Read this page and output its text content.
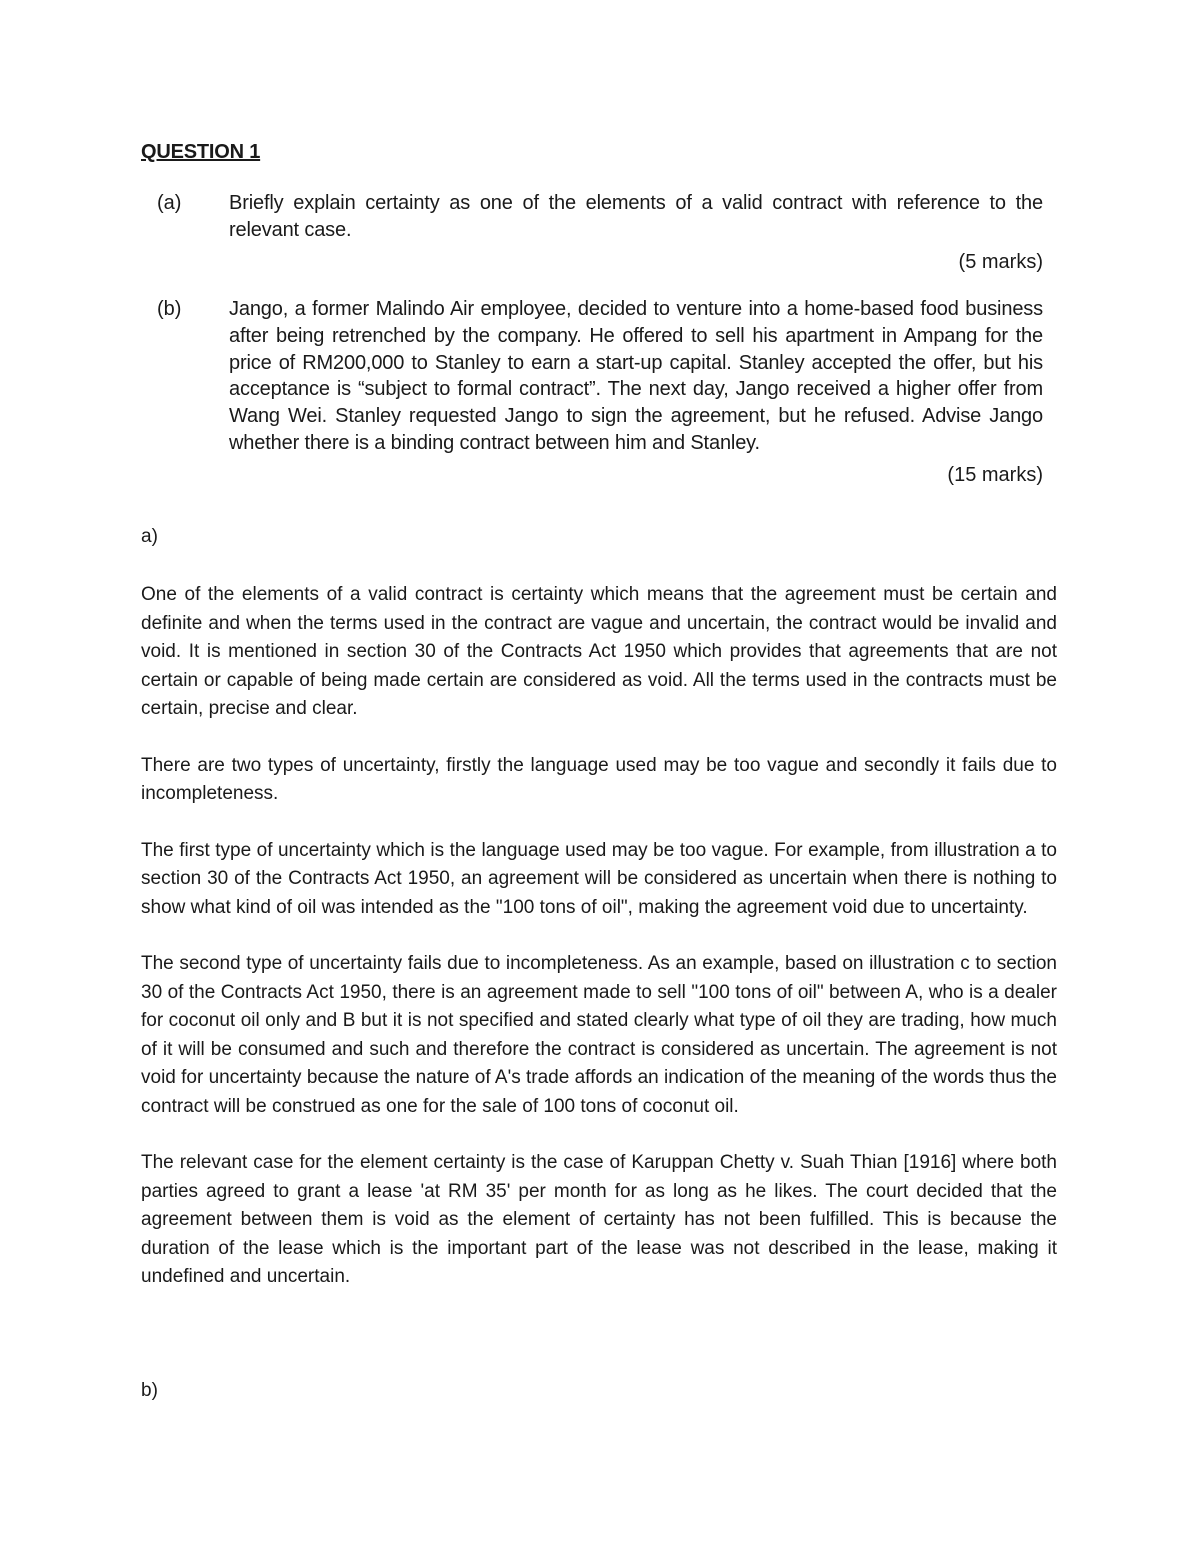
QUESTION 1
(a) Briefly explain certainty as one of the elements of a valid contract with reference to the relevant case.
(5 marks)
(b) Jango, a former Malindo Air employee, decided to venture into a home-based food business after being retrenched by the company. He offered to sell his apartment in Ampang for the price of RM200,000 to Stanley to earn a start-up capital. Stanley accepted the offer, but his acceptance is “subject to formal contract”. The next day, Jango received a higher offer from Wang Wei. Stanley requested Jango to sign the agreement, but he refused. Advise Jango whether there is a binding contract between him and Stanley.
(15 marks)
a)

One of the elements of a valid contract is certainty which means that the agreement must be certain and definite and when the terms used in the contract are vague and uncertain, the contract would be invalid and void. It is mentioned in section 30 of the Contracts Act 1950 which provides that agreements that are not certain or capable of being made certain are considered as void. All the terms used in the contracts must be certain, precise and clear.

There are two types of uncertainty, firstly the language used may be too vague and secondly it fails due to incompleteness.

The first type of uncertainty which is the language used may be too vague. For example, from illustration a to section 30 of the Contracts Act 1950, an agreement will be considered as uncertain when there is nothing to show what kind of oil was intended as the "100 tons of oil", making the agreement void due to uncertainty.

The second type of uncertainty fails due to incompleteness. As an example, based on illustration c to section 30 of the Contracts Act 1950, there is an agreement made to sell "100 tons of oil" between A, who is a dealer for coconut oil only and B but it is not specified and stated clearly what type of oil they are trading, how much of it will be consumed and such and therefore the contract is considered as uncertain. The agreement is not void for uncertainty because the nature of A's trade affords an indication of the meaning of the words thus the contract will be construed as one for the sale of 100 tons of coconut oil.

The relevant case for the element certainty is the case of Karuppan Chetty v. Suah Thian [1916] where both parties agreed to grant a lease 'at RM 35' per month for as long as he likes. The court decided that the agreement between them is void as the element of certainty has not been fulfilled. This is because the duration of the lease which is the important part of the lease was not described in the lease, making it undefined and uncertain.

b)
